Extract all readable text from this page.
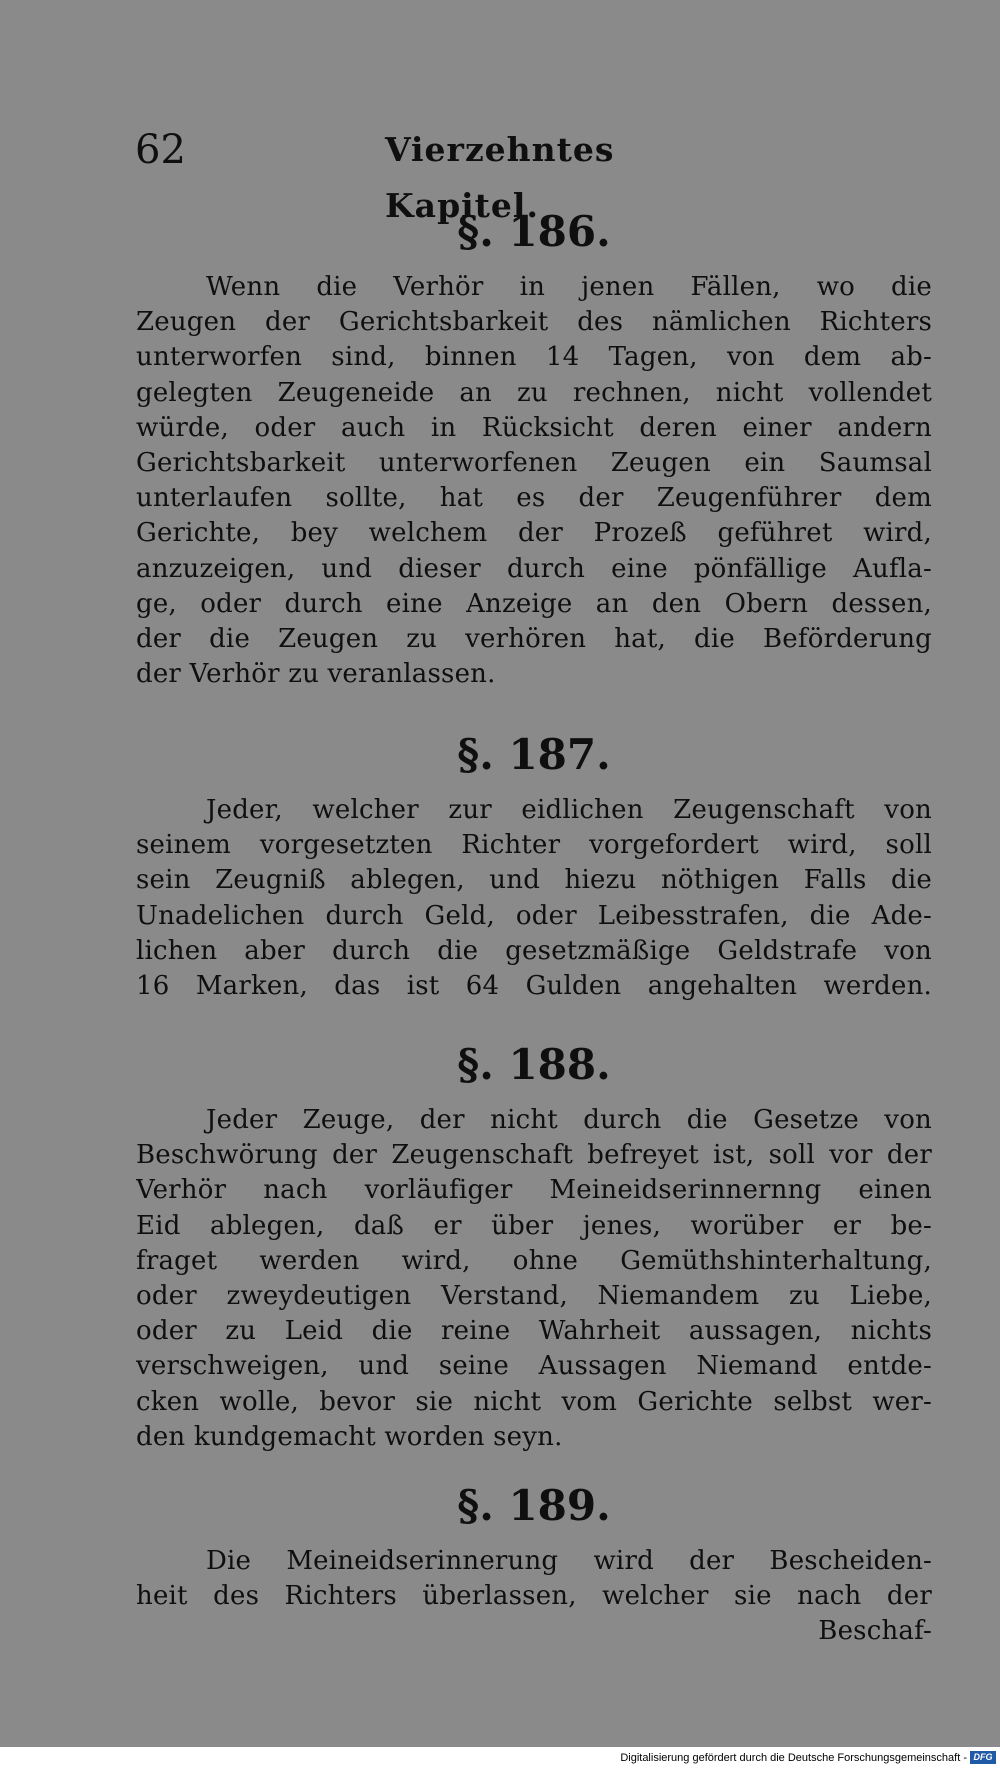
62	Vierzehntes Kapitel.
§. 186.
Wenn die Verhör in jenen Fällen, wo die
Zeugen der Gerichtsbarkeit des nämlichen Richters
unterworfen sind, binnen 14 Tagen, von dem ab-
gelegten Zeugeneide an zu rechnen, nicht vollendet
würde, oder auch in Rücksicht deren einer andern
Gerichtsbarkeit unterworfenen Zeugen ein Saumsal
unterlaufen sollte, hat es der Zeugenführer dem
Gerichte, bey welchem der Prozeß geführet wird,
anzuzeigen, und dieser durch eine pönfällige Aufla-
ge, oder durch eine Anzeige an den Obern dessen,
der die Zeugen zu verhören hat, die Beförderung
der Verhör zu veranlassen.
§. 187.
Jeder, welcher zur eidlichen Zeugenschaft von
seinem vorgesetzten Richter vorgefordert wird, soll
sein Zeugniß ablegen, und hiezu nöthigen Falls die
Unadelichen durch Geld, oder Leibesstrafen, die Ade-
lichen aber durch die gesetzmäßige Geldstrafe von
16 Marken, das ist 64 Gulden angehalten werden.
§. 188.
Jeder Zeuge, der nicht durch die Gesetze von
Beschwörung der Zeugenschaft befreyet ist, soll vor der
Verhör nach vorläufiger Meineidserinnernng einen
Eid ablegen, daß er über jenes, worüber er be-
fraget werden wird, ohne Gemüthshinterhaltung,
oder zweydeutigen Verstand, Niemandem zu Liebe,
oder zu Leid die reine Wahrheit aussagen, nichts
verschweigen, und seine Aussagen Niemand entde-
cken wolle, bevor sie nicht vom Gerichte selbst wer-
den kundgemacht worden seyn.
§. 189.
Die Meineidserinnerung wird der Bescheiden-
heit des Richters überlassen, welcher sie nach der
Beschaf-
Digitalisierung gefördert durch die Deutsche Forschungsgemeinschaft - DFG
